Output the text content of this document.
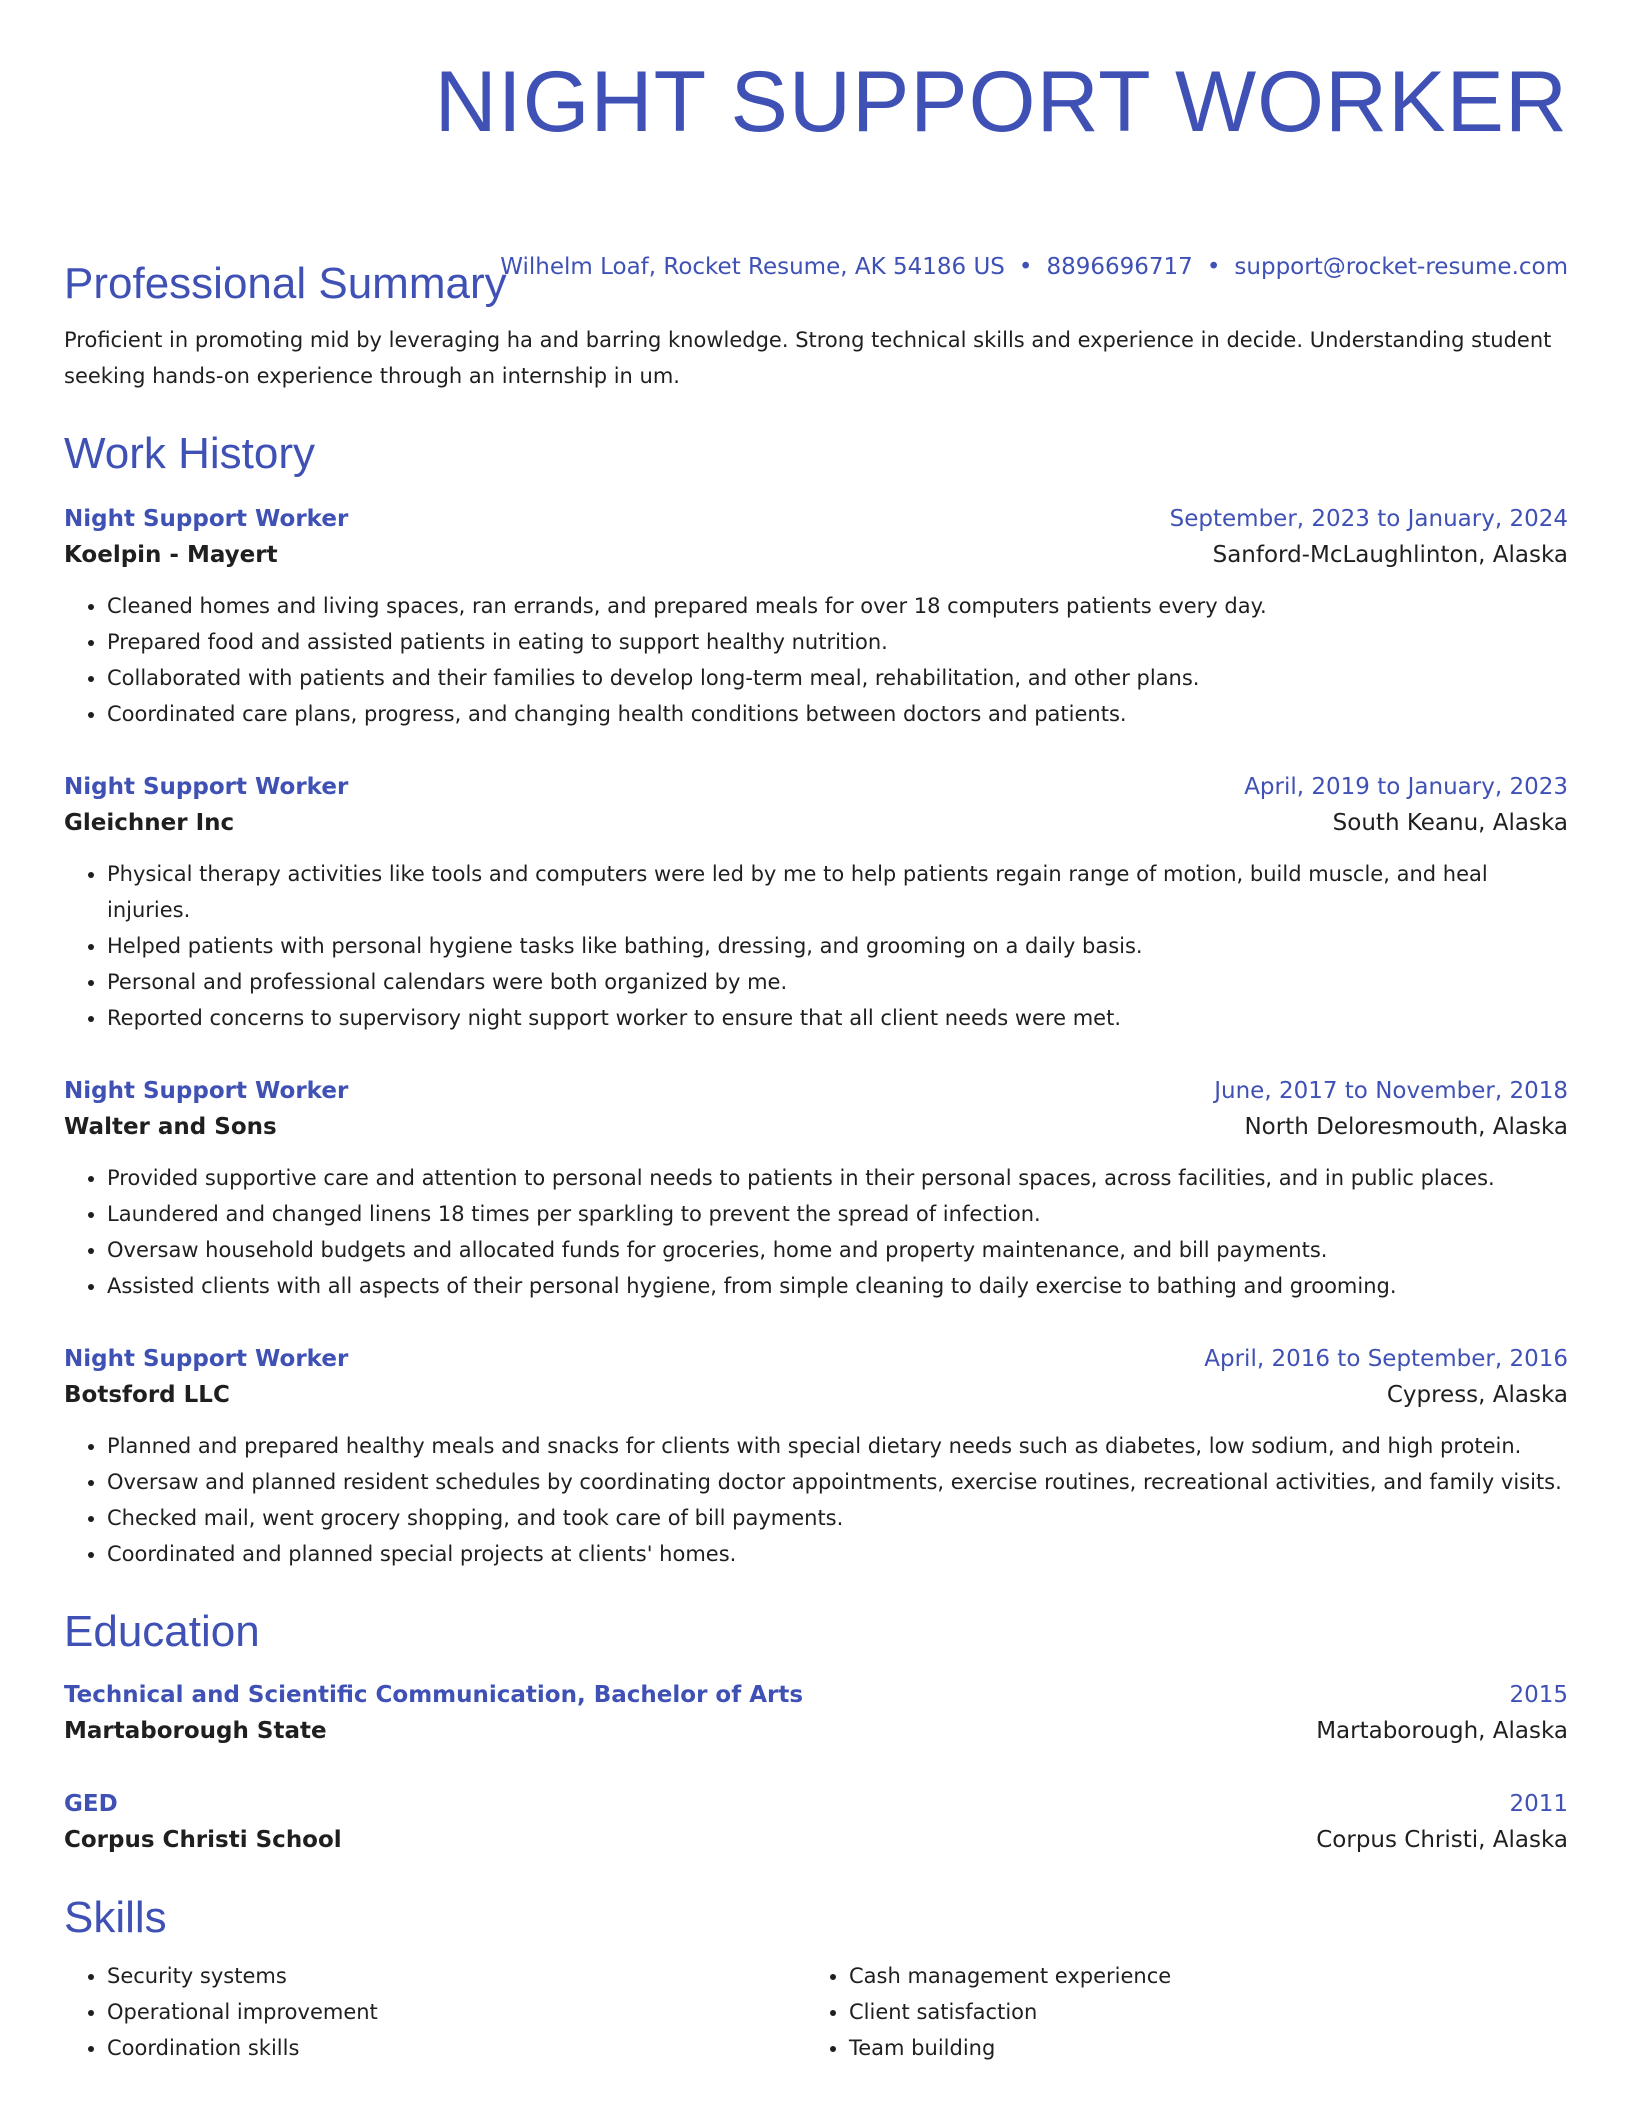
NIGHT SUPPORT WORKER
Wilhelm Loaf, Rocket Resume, AK 54186 US • 8896696717 • support@rocket-resume.com
Professional Summary

Proficient in promoting mid by leveraging ha and barring knowledge. Strong technical skills and experience in decide. Understanding student seeking hands-on experience through an internship in um.

Work History
Night Support Worker	September, 2023 to January, 2024
Koelpin - Mayert	Sanford-McLaughlinton, Alaska
• Cleaned homes and living spaces, ran errands, and prepared meals for over 18 computers patients every day.
• Prepared food and assisted patients in eating to support healthy nutrition.
• Collaborated with patients and their families to develop long-term meal, rehabilitation, and other plans.
• Coordinated care plans, progress, and changing health conditions between doctors and patients.
Night Support Worker	April, 2019 to January, 2023
Gleichner Inc	South Keanu, Alaska
• Physical therapy activities like tools and computers were led by me to help patients regain range of motion, build muscle, and heal injuries.
• Helped patients with personal hygiene tasks like bathing, dressing, and grooming on a daily basis.
• Personal and professional calendars were both organized by me.
• Reported concerns to supervisory night support worker to ensure that all client needs were met.
Night Support Worker	June, 2017 to November, 2018
Walter and Sons	North Deloresmouth, Alaska
• Provided supportive care and attention to personal needs to patients in their personal spaces, across facilities, and in public places.
• Laundered and changed linens 18 times per sparkling to prevent the spread of infection.
• Oversaw household budgets and allocated funds for groceries, home and property maintenance, and bill payments.
• Assisted clients with all aspects of their personal hygiene, from simple cleaning to daily exercise to bathing and grooming.
Night Support Worker	April, 2016 to September, 2016
Botsford LLC	Cypress, Alaska
• Planned and prepared healthy meals and snacks for clients with special dietary needs such as diabetes, low sodium, and high protein.
• Oversaw and planned resident schedules by coordinating doctor appointments, exercise routines, recreational activities, and family visits.
• Checked mail, went grocery shopping, and took care of bill payments.
• Coordinated and planned special projects at clients' homes.
Education
Technical and Scientific Communication, Bachelor of Arts	2015
Martaborough State	Martaborough, Alaska
GED	2011
Corpus Christi School	Corpus Christi, Alaska
Skills
• Security systems
• Operational improvement
• Coordination skills
• Cash management experience
• Client satisfaction
• Team building
